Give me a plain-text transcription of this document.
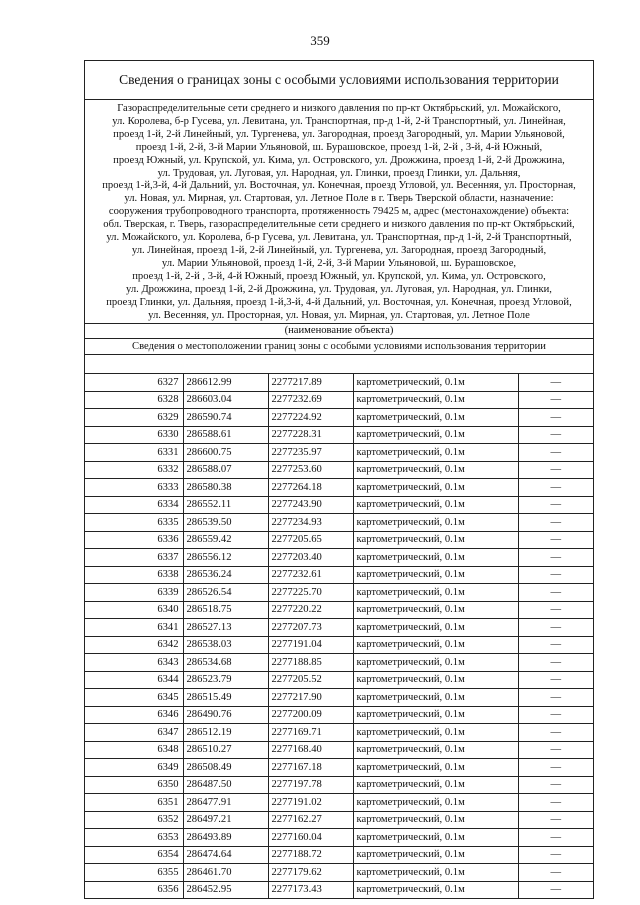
359
Сведения о границах зоны с особыми условиями использования территории
Газораспределительные сети среднего и низкого давления по пр-кт Октябрьский, ул. Можайского,
ул. Королева, б-р Гусева, ул. Левитана, ул. Транспортная, пр-д 1-й, 2-й Транспортный, ул. Линейная,
проезд 1-й, 2-й Линейный, ул. Тургенева, ул. Загородная, проезд Загородный, ул. Марии Ульяновой,
проезд 1-й, 2-й, 3-й Марии Ульяновой, ш. Бурашовское, проезд 1-й, 2-й , 3-й, 4-й Южный,
проезд Южный, ул. Крупской, ул. Кима, ул. Островского, ул. Дрожжина, проезд 1-й, 2-й Дрожжина,
ул. Трудовая, ул. Луговая, ул. Народная, ул. Глинки, проезд Глинки, ул. Дальняя,
проезд 1-й,3-й, 4-й Дальний, ул. Восточная, ул. Конечная, проезд Угловой, ул. Весенняя, ул. Просторная,
ул. Новая, ул. Мирная, ул. Стартовая, ул. Летное Поле в г. Тверь Тверской области, назначение:
сооружения трубопроводного транспорта, протяженность 79425 м, адрес (местонахождение) объекта:
обл. Тверская, г. Тверь, газораспределительные сети среднего и низкого давления по пр-кт Октябрьский,
ул. Можайского, ул. Королева, б-р Гусева, ул. Левитана, ул. Транспортная, пр-д 1-й, 2-й Транспортный,
ул. Линейная, проезд 1-й, 2-й Линейный, ул. Тургенева, ул. Загородная, проезд Загородный,
ул. Марии Ульяновой, проезд 1-й, 2-й, 3-й Марии Ульяновой, ш. Бурашовское,
проезд 1-й, 2-й , 3-й, 4-й Южный, проезд Южный, ул. Крупской, ул. Кима, ул. Островского,
ул. Дрожжина, проезд 1-й, 2-й Дрожжина, ул. Трудовая, ул. Луговая, ул. Народная, ул. Глинки,
проезд Глинки, ул. Дальняя, проезд 1-й,3-й, 4-й Дальний, ул. Восточная, ул. Конечная, проезд Угловой,
ул. Весенняя, ул. Просторная, ул. Новая, ул. Мирная, ул. Стартовая, ул. Летное Поле
(наименование объекта)
Сведения о местоположении границ зоны с особыми условиями использования территории
6327	286612.99	2277217.89	картометрический, 0.1м	—
6328	286603.04	2277232.69	картометрический, 0.1м	—
6329	286590.74	2277224.92	картометрический, 0.1м	—
6330	286588.61	2277228.31	картометрический, 0.1м	—
6331	286600.75	2277235.97	картометрический, 0.1м	—
6332	286588.07	2277253.60	картометрический, 0.1м	—
6333	286580.38	2277264.18	картометрический, 0.1м	—
6334	286552.11	2277243.90	картометрический, 0.1м	—
6335	286539.50	2277234.93	картометрический, 0.1м	—
6336	286559.42	2277205.65	картометрический, 0.1м	—
6337	286556.12	2277203.40	картометрический, 0.1м	—
6338	286536.24	2277232.61	картометрический, 0.1м	—
6339	286526.54	2277225.70	картометрический, 0.1м	—
6340	286518.75	2277220.22	картометрический, 0.1м	—
6341	286527.13	2277207.73	картометрический, 0.1м	—
6342	286538.03	2277191.04	картометрический, 0.1м	—
6343	286534.68	2277188.85	картометрический, 0.1м	—
6344	286523.79	2277205.52	картометрический, 0.1м	—
6345	286515.49	2277217.90	картометрический, 0.1м	—
6346	286490.76	2277200.09	картометрический, 0.1м	—
6347	286512.19	2277169.71	картометрический, 0.1м	—
6348	286510.27	2277168.40	картометрический, 0.1м	—
6349	286508.49	2277167.18	картометрический, 0.1м	—
6350	286487.50	2277197.78	картометрический, 0.1м	—
6351	286477.91	2277191.02	картометрический, 0.1м	—
6352	286497.21	2277162.27	картометрический, 0.1м	—
6353	286493.89	2277160.04	картометрический, 0.1м	—
6354	286474.64	2277188.72	картометрический, 0.1м	—
6355	286461.70	2277179.62	картометрический, 0.1м	—
6356	286452.95	2277173.43	картометрический, 0.1м	—
